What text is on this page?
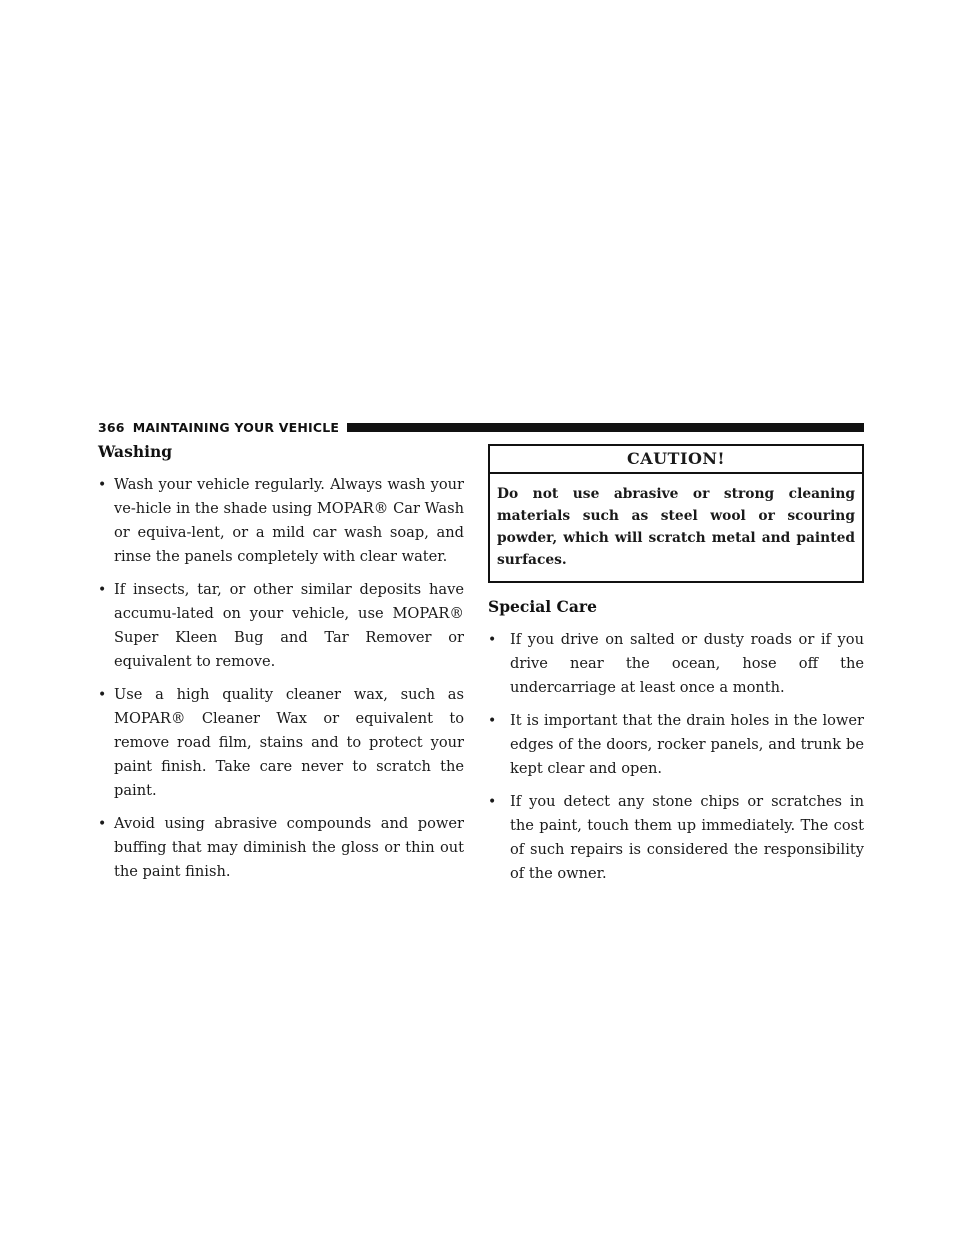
366 MAINTAINING YOUR VEHICLE
Washing
• Wash your vehicle regularly. Always wash your ve-hicle in the shade using MOPAR® Car Wash or equiva-lent, or a mild car wash soap, and rinse the panels completely with clear water.
• If insects, tar, or other similar deposits have accumu-lated on your vehicle, use MOPAR® Super Kleen Bug and Tar Remover or equivalent to remove.
• Use a high quality cleaner wax, such as MOPAR® Cleaner Wax or equivalent to remove road film, stains and to protect your paint finish. Take care never to scratch the paint.
• Avoid using abrasive compounds and power buffing that may diminish the gloss or thin out the paint finish.
CAUTION!
Do not use abrasive or strong cleaning materials such as steel wool or scouring powder, which will scratch metal and painted surfaces.
Special Care
• If you drive on salted or dusty roads or if you drive near the ocean, hose off the undercarriage at least once a month.
• It is important that the drain holes in the lower edges of the doors, rocker panels, and trunk be kept clear and open.
• If you detect any stone chips or scratches in the paint, touch them up immediately. The cost of such repairs is considered the responsibility of the owner.
